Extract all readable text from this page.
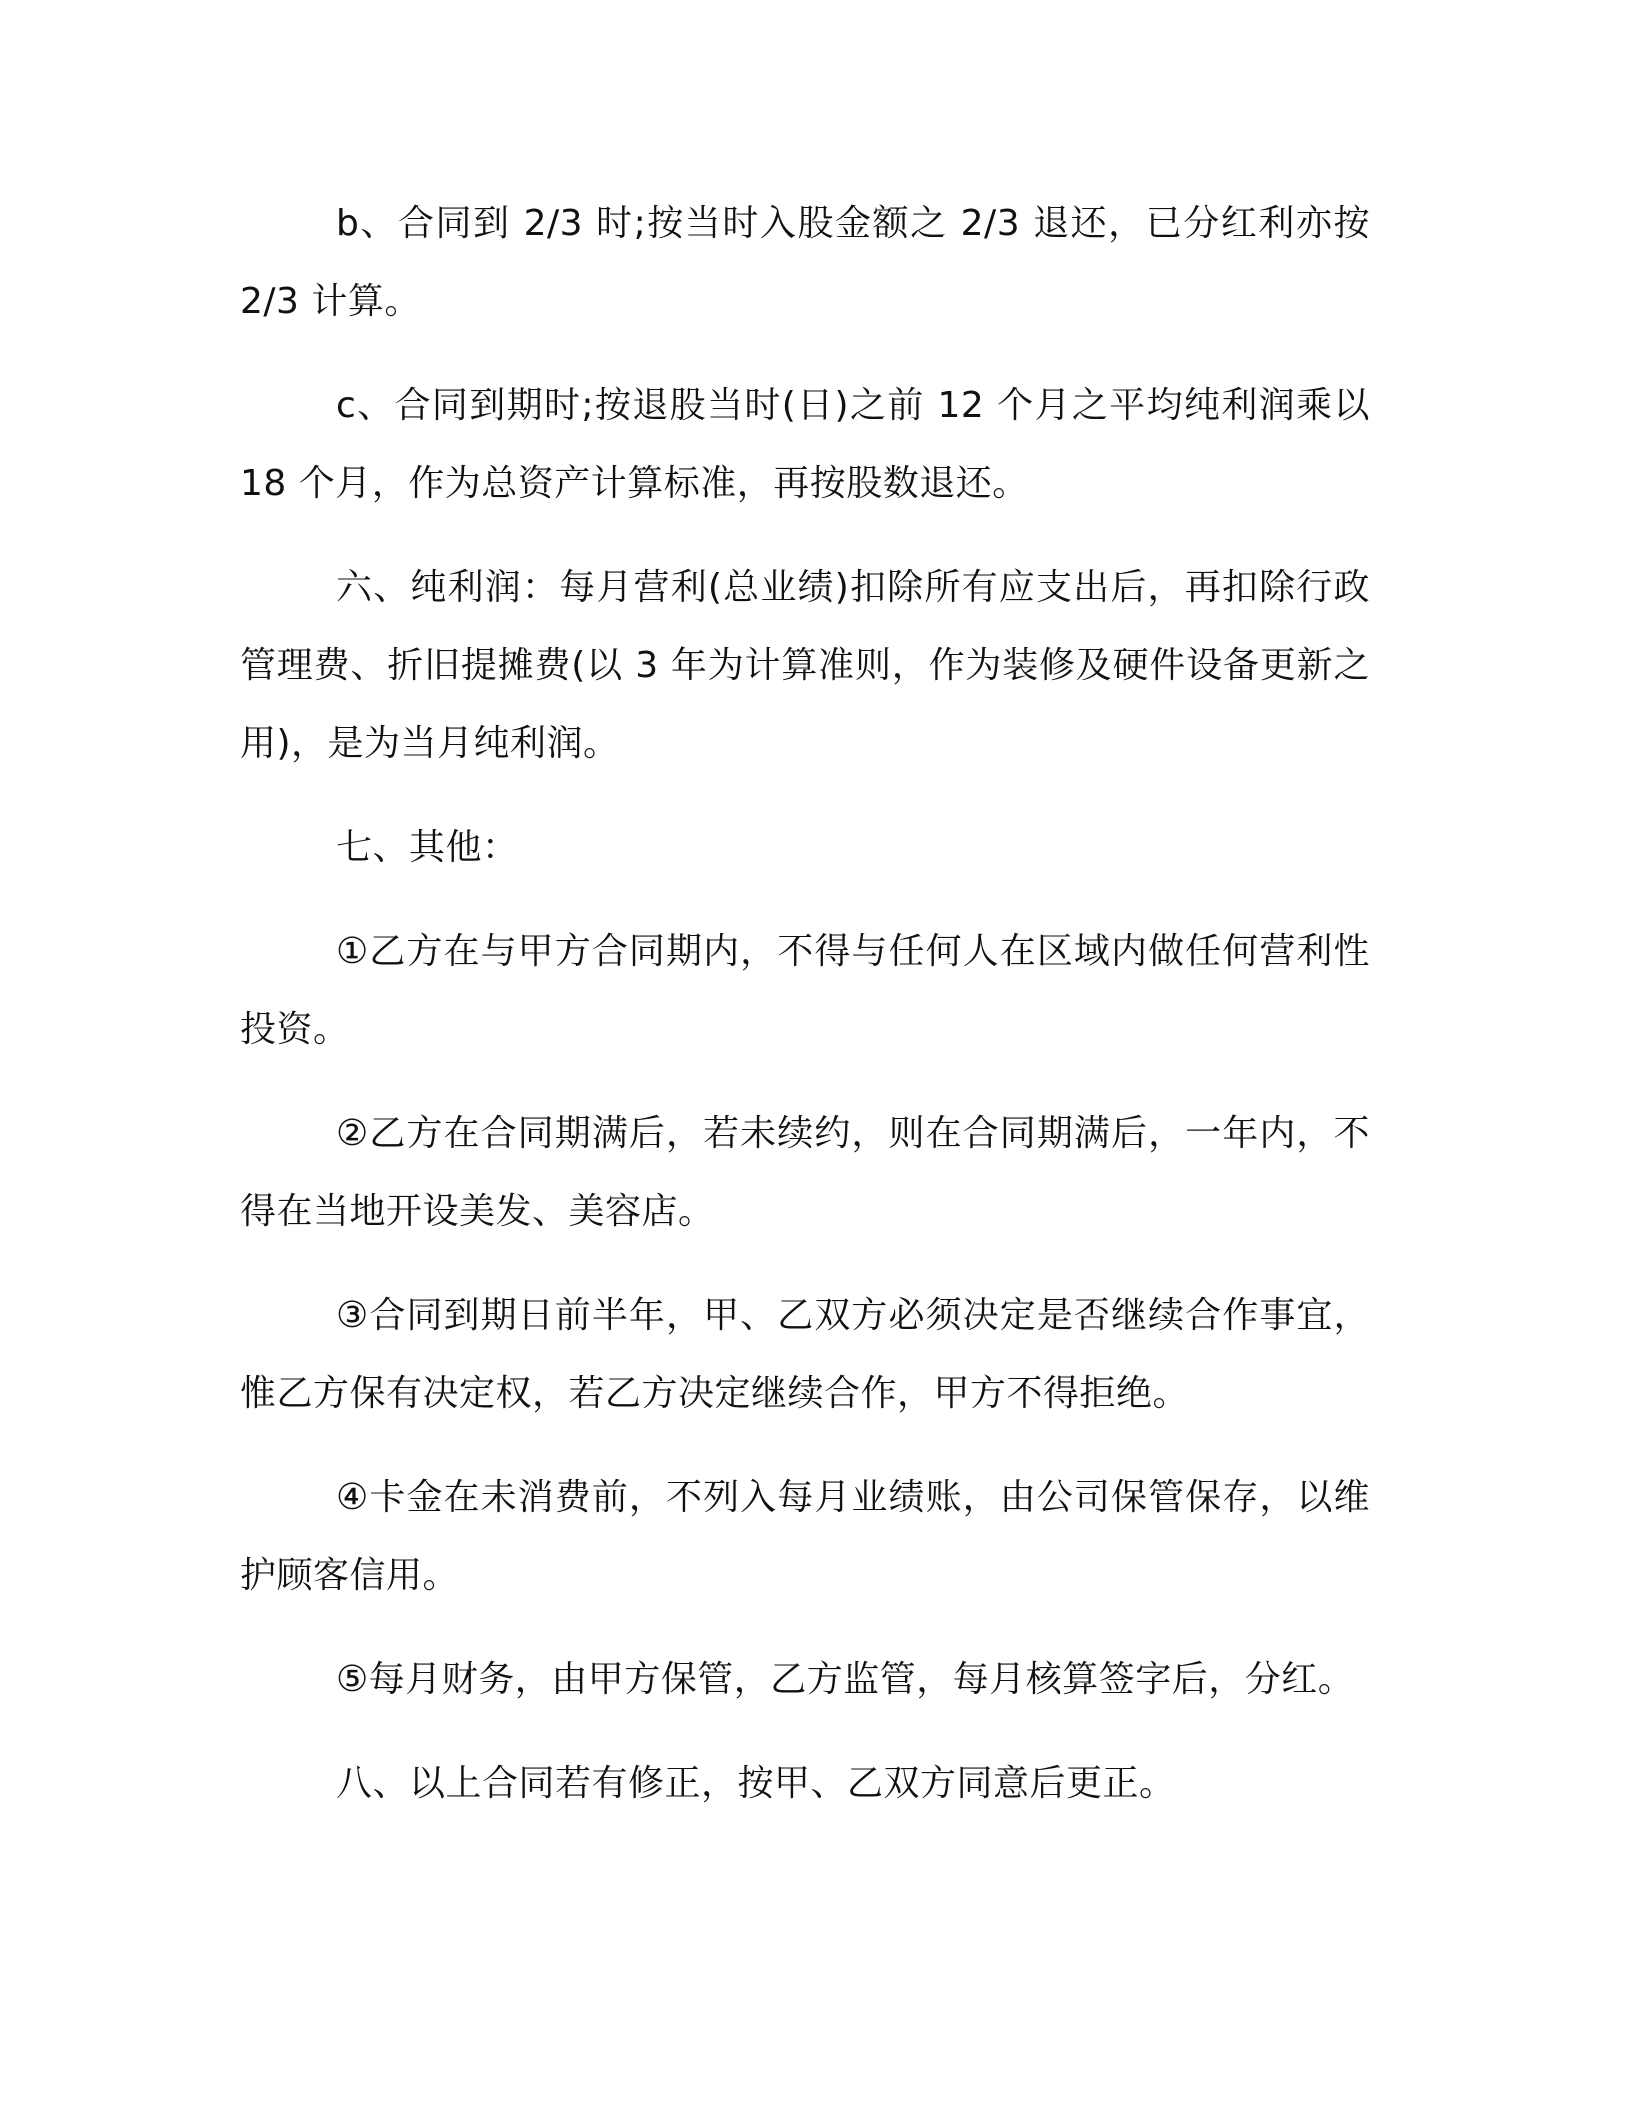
b、合同到 2/3 时;按当时入股金额之 2/3 退还，已分红利亦按 2/3 计算。

c、合同到期时;按退股当时(日)之前 12 个月之平均纯利润乘以 18 个月，作为总资产计算标准，再按股数退还。

六、纯利润：每月营利(总业绩)扣除所有应支出后，再扣除行政管理费、折旧提摊费(以 3 年为计算准则，作为装修及硬件设备更新之用)，是为当月纯利润。

七、其他：

①乙方在与甲方合同期内，不得与任何人在区域内做任何营利性投资。

②乙方在合同期满后，若未续约，则在合同期满后，一年内，不得在当地开设美发、美容店。

③合同到期日前半年，甲、乙双方必须决定是否继续合作事宜，惟乙方保有决定权，若乙方决定继续合作，甲方不得拒绝。

④卡金在未消费前，不列入每月业绩账，由公司保管保存，以维护顾客信用。

⑤每月财务，由甲方保管，乙方监管，每月核算签字后，分红。

八、以上合同若有修正，按甲、乙双方同意后更正。
